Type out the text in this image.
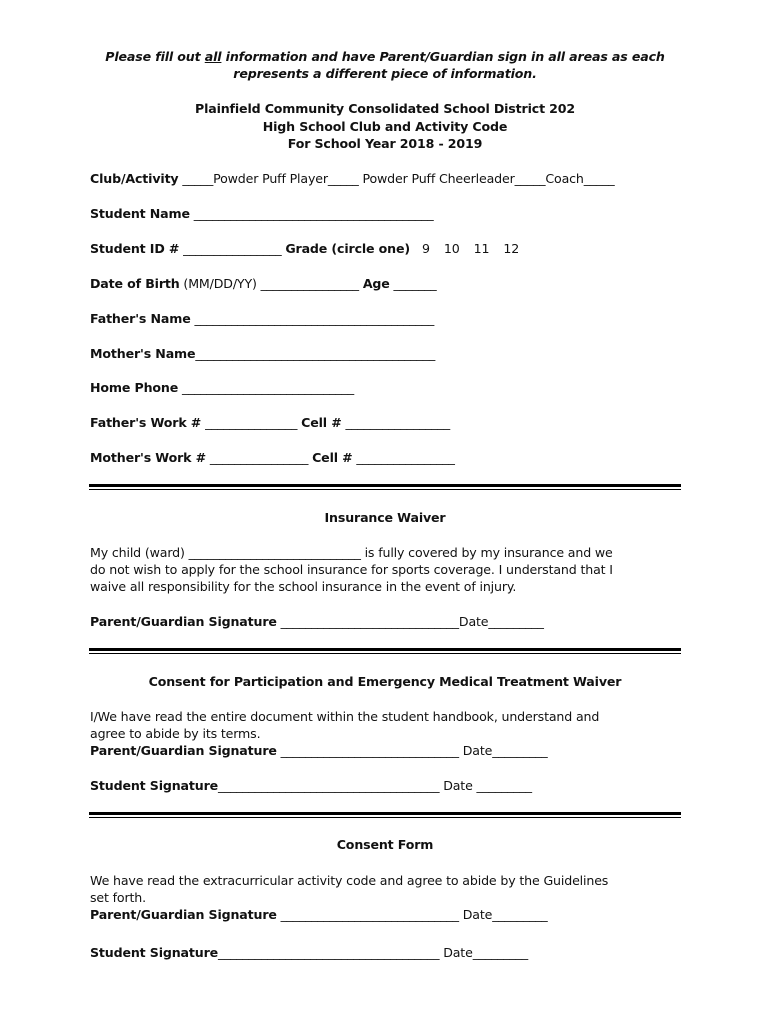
Please fill out all information and have Parent/Guardian sign in all areas as each
represents a different piece of information.
Plainfield Community Consolidated School District 202
High School Club and Activity Code
For School Year 2018 - 2019
Club/Activity _____Powder Puff Player_____ Powder Puff Cheerleader_____Coach_____
Student Name _______________________________________
Student ID # ________________ Grade (circle one) 9 10 11 12
Date of Birth (MM/DD/YY) ________________ Age _______
Father's Name _______________________________________
Mother's Name_______________________________________
Home Phone ____________________________
Father's Work # _______________ Cell # _________________
Mother's Work # ________________ Cell # ________________
Insurance Waiver
My child (ward) ____________________________ is fully covered by my insurance and we
do not wish to apply for the school insurance for sports coverage. I understand that I
waive all responsibility for the school insurance in the event of injury.
Parent/Guardian Signature _____________________________Date_________
Consent for Participation and Emergency Medical Treatment Waiver
I/We have read the entire document within the student handbook, understand and
agree to abide by its terms.
Parent/Guardian Signature _____________________________ Date_________
Student Signature____________________________________ Date _________
Consent Form
We have read the extracurricular activity code and agree to abide by the Guidelines
set forth.
Parent/Guardian Signature _____________________________ Date_________
Student Signature____________________________________ Date_________
